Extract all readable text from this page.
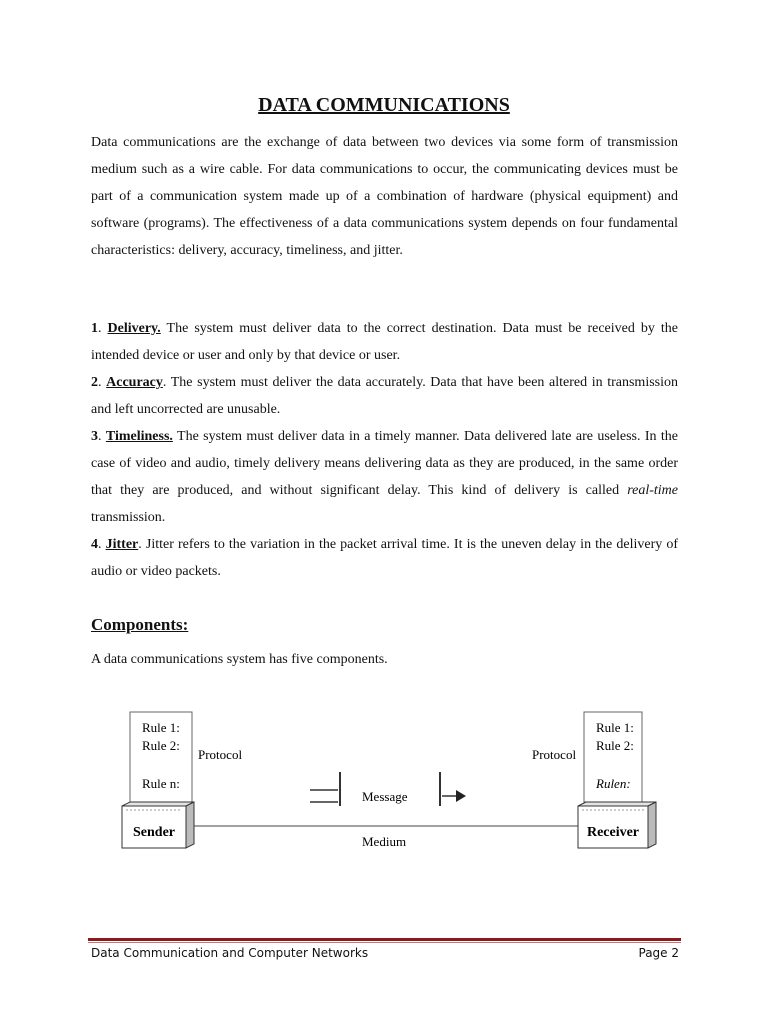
DATA COMMUNICATIONS
Data communications are the exchange of data between two devices via some form of transmission medium such as a wire cable. For data communications to occur, the communicating devices must be part of a communication system made up of a combination of hardware (physical equipment) and software (programs). The effectiveness of a data communications system depends on four fundamental characteristics: delivery, accuracy, timeliness, and jitter.

1. Delivery. The system must deliver data to the correct destination. Data must be received by the intended device or user and only by that device or user.

2. Accuracy. The system must deliver the data accurately. Data that have been altered in transmission and left uncorrected are unusable.

3. Timeliness. The system must deliver data in a timely manner. Data delivered late are useless. In the case of video and audio, timely delivery means delivering data as they are produced, in the same order that they are produced, and without significant delay. This kind of delivery is called real-time transmission.

4. Jitter. Jitter refers to the variation in the packet arrival time. It is the uneven delay in the delivery of audio or video packets.

Components:
A data communications system has five components.
Rule 1:
Rule 2:
Rule n:
Protocol
Rule 1:
Rule 2:
Rulen:
Protocol
Message
Medium
Sender	Receiver
Data Communication and Computer Networks	Page 2
